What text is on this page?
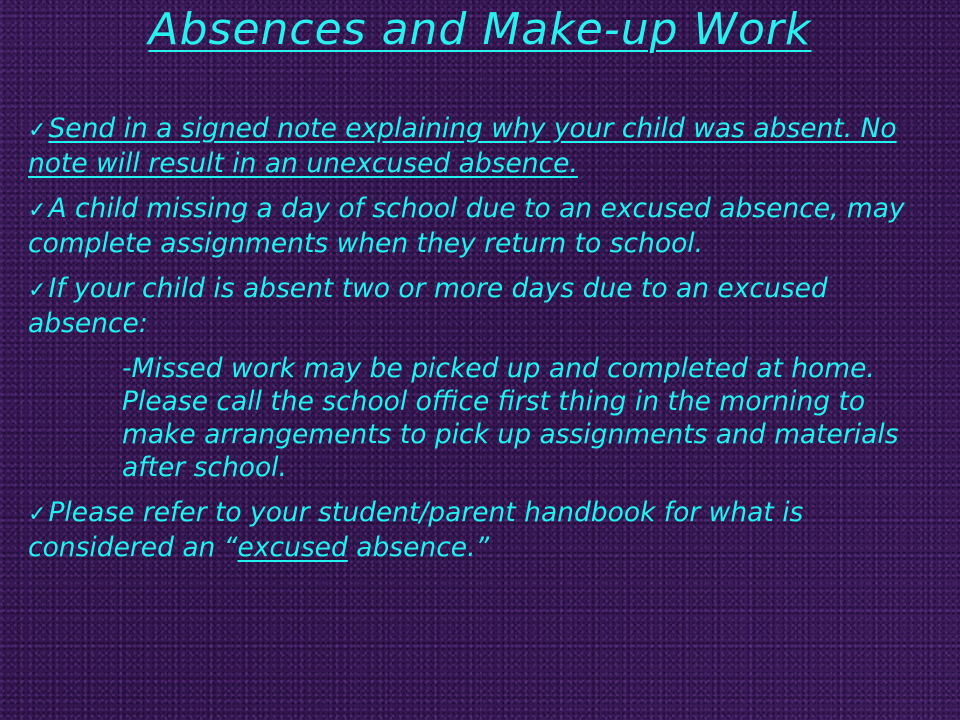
Absences and Make-up Work
✓Send in a signed note explaining why your child was absent. No note will result in an unexcused absence.
✓A child missing a day of school due to an excused absence, may complete assignments when they return to school.
✓If your child is absent two or more days due to an excused absence:
-Missed work may be picked up and completed at home. Please call the school office first thing in the morning to make arrangements to pick up assignments and materials after school.
✓Please refer to your student/parent handbook for what is considered an “excused absence.”
